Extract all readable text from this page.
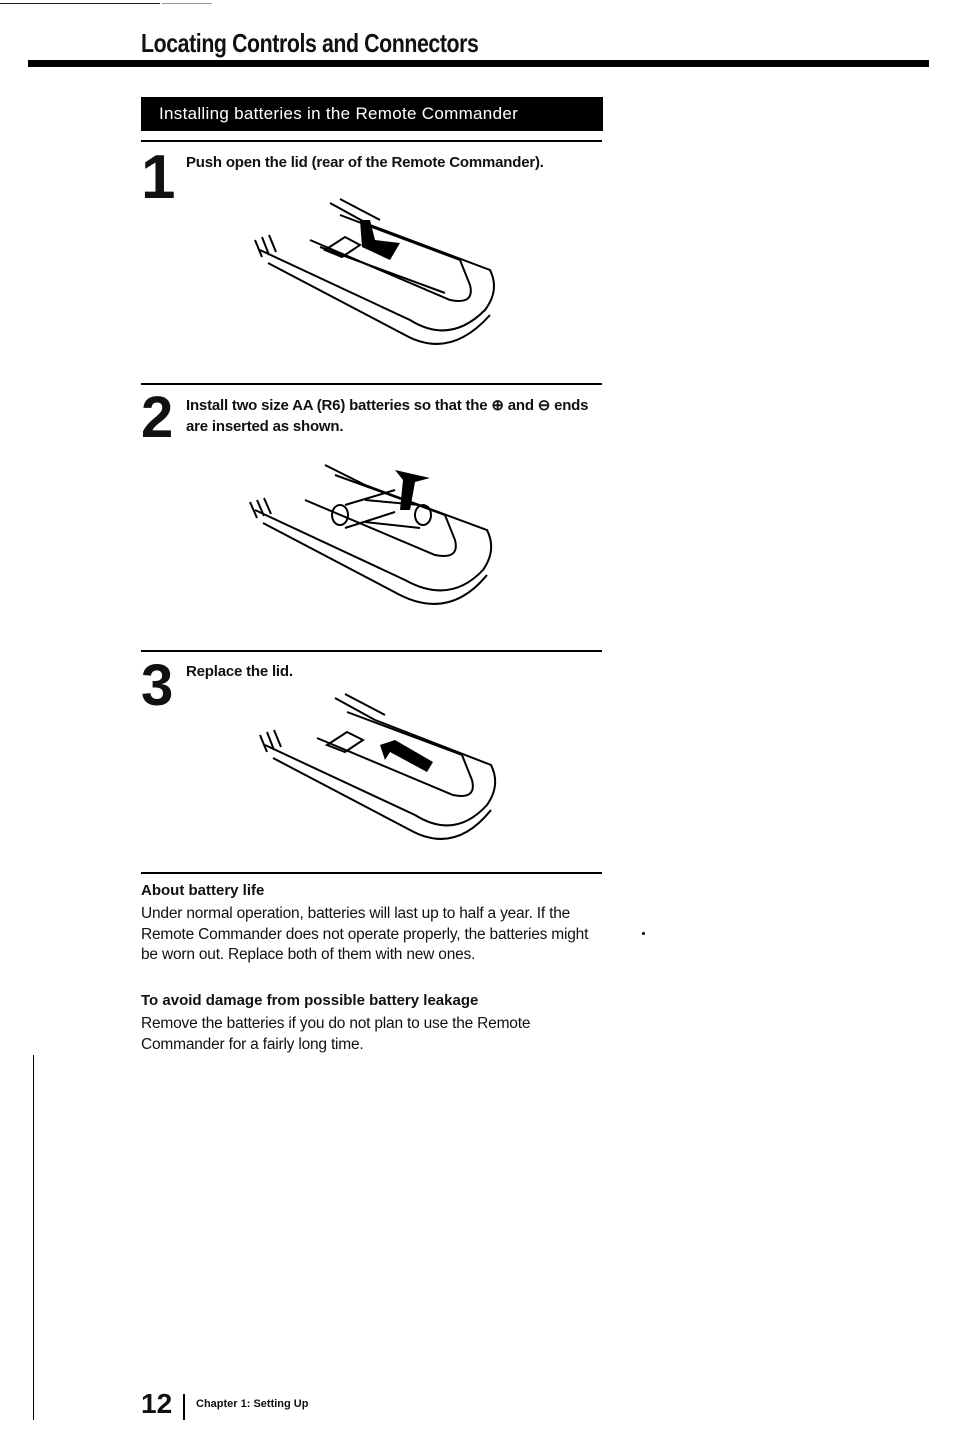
Locating Controls and Connectors
Installing batteries in the Remote Commander
1 Push open the lid (rear of the Remote Commander).
2 Install two size AA (R6) batteries so that the ⊕ and ⊖ ends are inserted as shown.
3 Replace the lid.
About battery life
Under normal operation, batteries will last up to half a year. If the Remote Commander does not operate properly, the batteries might be worn out. Replace both of them with new ones.
To avoid damage from possible battery leakage
Remove the batteries if you do not plan to use the Remote Commander for a fairly long time.
12 Chapter 1: Setting Up
